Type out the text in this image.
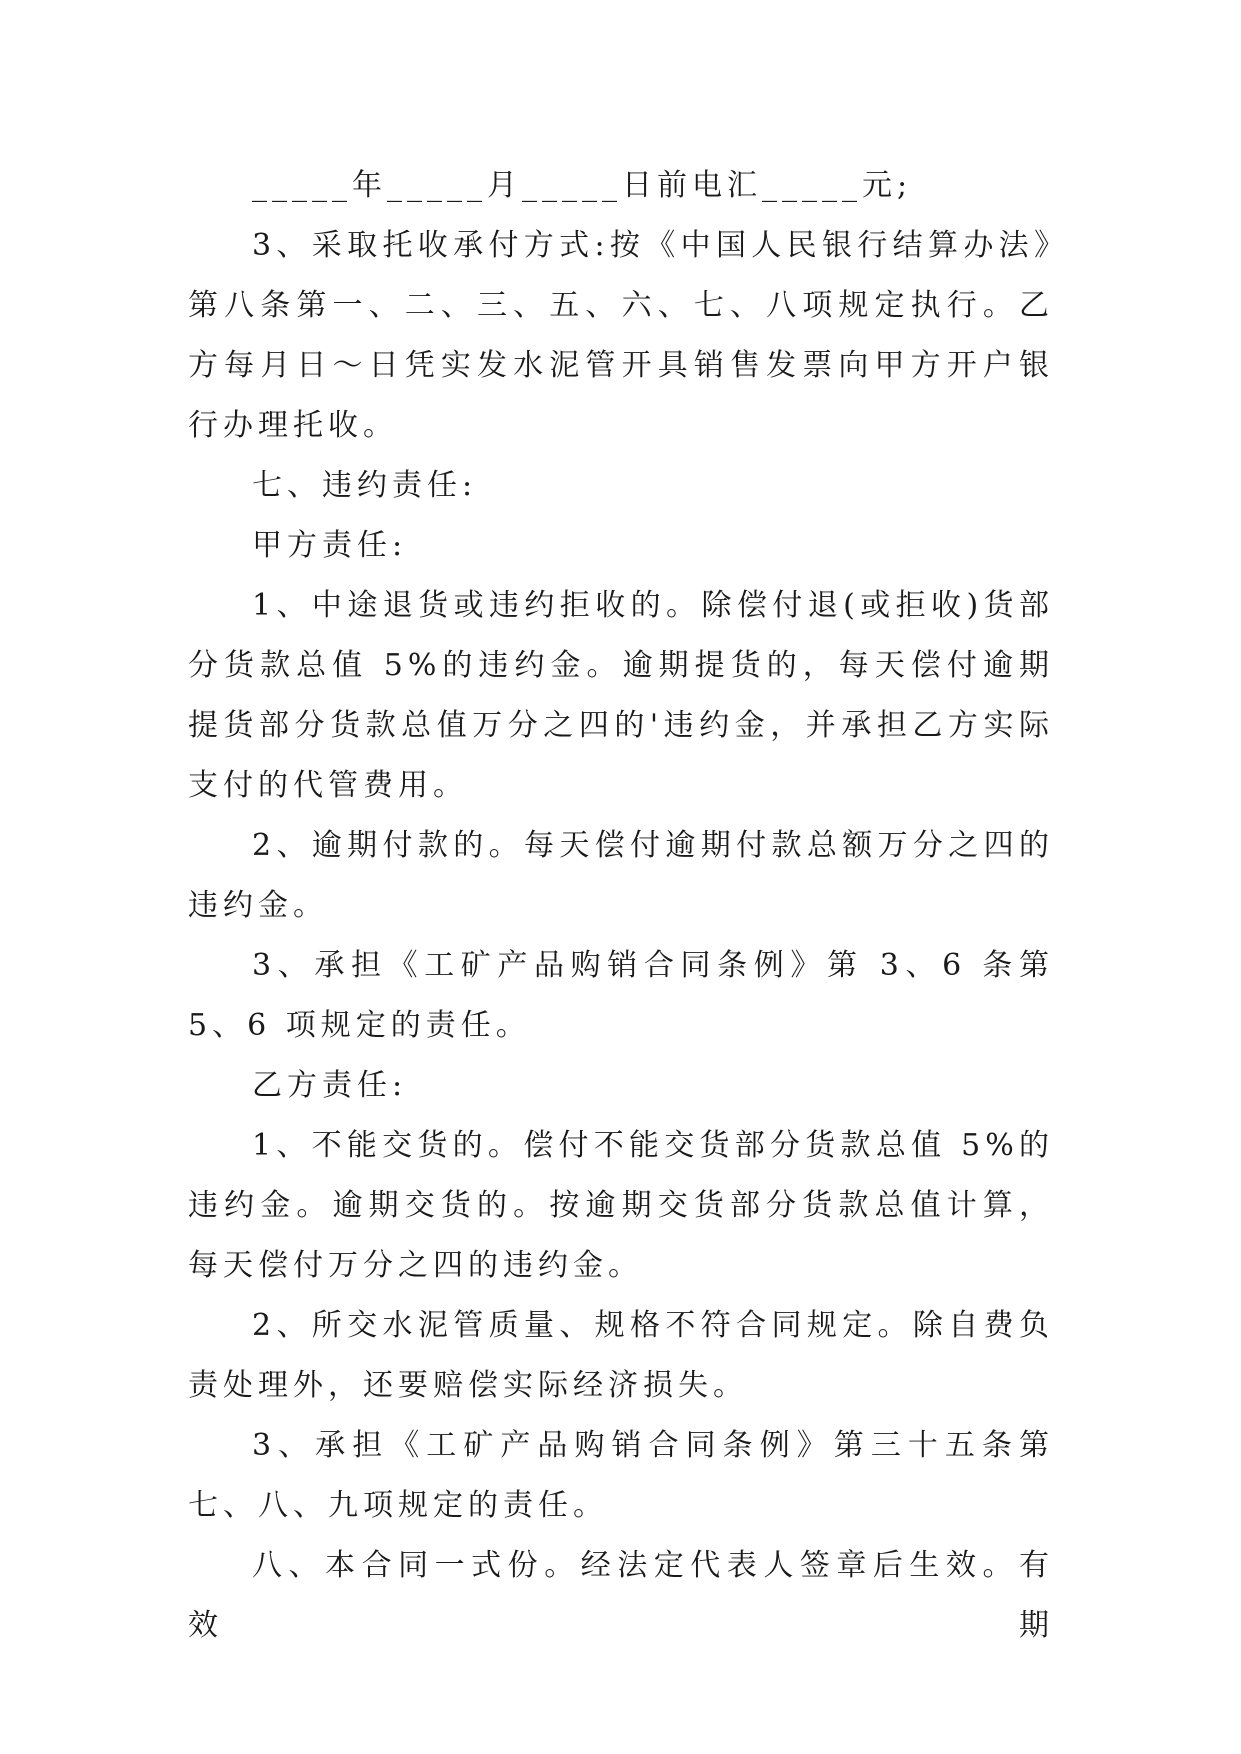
_____年_____月_____日前电汇_____元;

3、采取托收承付方式:按《中国人民银行结算办法》第八条第一、二、三、五、六、七、八项规定执行。乙方每月日～日凭实发水泥管开具销售发票向甲方开户银行办理托收。

七、违约责任:

甲方责任:

1、中途退货或违约拒收的。除偿付退(或拒收)货部分货款总值 5%的违约金。逾期提货的，每天偿付逾期提货部分货款总值万分之四的'违约金，并承担乙方实际支付的代管费用。

2、逾期付款的。每天偿付逾期付款总额万分之四的违约金。

3、承担《工矿产品购销合同条例》第 3、6 条第 5、6 项规定的责任。

乙方责任:

1、不能交货的。偿付不能交货部分货款总值 5%的违约金。逾期交货的。按逾期交货部分货款总值计算，每天偿付万分之四的违约金。

2、所交水泥管质量、规格不符合同规定。除自费负责处理外，还要赔偿实际经济损失。

3、承担《工矿产品购销合同条例》第三十五条第七、八、九项规定的责任。

八、本合同一式份。经法定代表人签章后生效。有效期
